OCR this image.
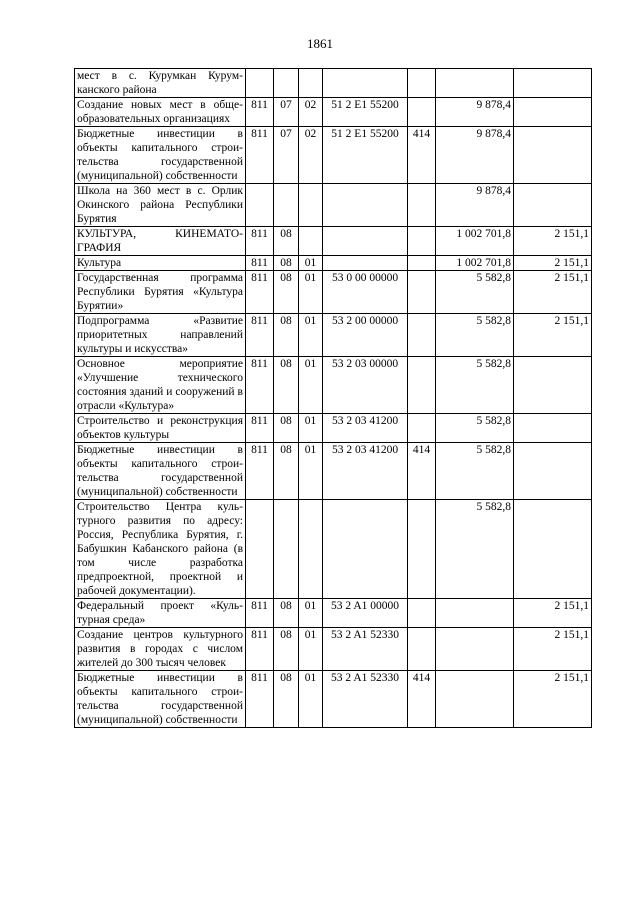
1861
мест в с. Курумкан Курумканского района							
Создание новых мест в общеобразовательных организациях	811	07	02	51 2 E1 55200		9 878,4	
Бюджетные инвестиции в объекты капитального строительства государственной (муниципальной) собственности	811	07	02	51 2 E1 55200	414	9 878,4	
Школа на 360 мест в с. Орлик Окинского района Республики Бурятия						9 878,4	
КУЛЬТУРА, КИНЕМАТОГРАФИЯ	811	08				1 002 701,8	2 151,1
Культура	811	08	01			1 002 701,8	2 151,1
Государственная программа Республики Бурятия «Культура Бурятии»	811	08	01	53 0 00 00000		5 582,8	2 151,1
Подпрограмма «Развитие приоритетных направлений культуры и искусства»	811	08	01	53 2 00 00000		5 582,8	2 151,1
Основное мероприятие «Улучшение технического состояния зданий и сооружений в отрасли «Культура»	811	08	01	53 2 03 00000		5 582,8	
Строительство и реконструкция объектов культуры	811	08	01	53 2 03 41200		5 582,8	
Бюджетные инвестиции в объекты капитального строительства государственной (муниципальной) собственности	811	08	01	53 2 03 41200	414	5 582,8	
Строительство Центра культурного развития по адресу: Россия, Республика Бурятия, г. Бабушкин Кабанского района (в том числе разработка предпроектной, проектной и рабочей документации).						5 582,8	
Федеральный проект «Культурная среда»	811	08	01	53 2 A1 00000			2 151,1
Создание центров культурного развития в городах с числом жителей до 300 тысяч человек	811	08	01	53 2 A1 52330			2 151,1
Бюджетные инвестиции в объекты капитального строительства государственной (муниципальной) собственности	811	08	01	53 2 A1 52330	414		2 151,1
